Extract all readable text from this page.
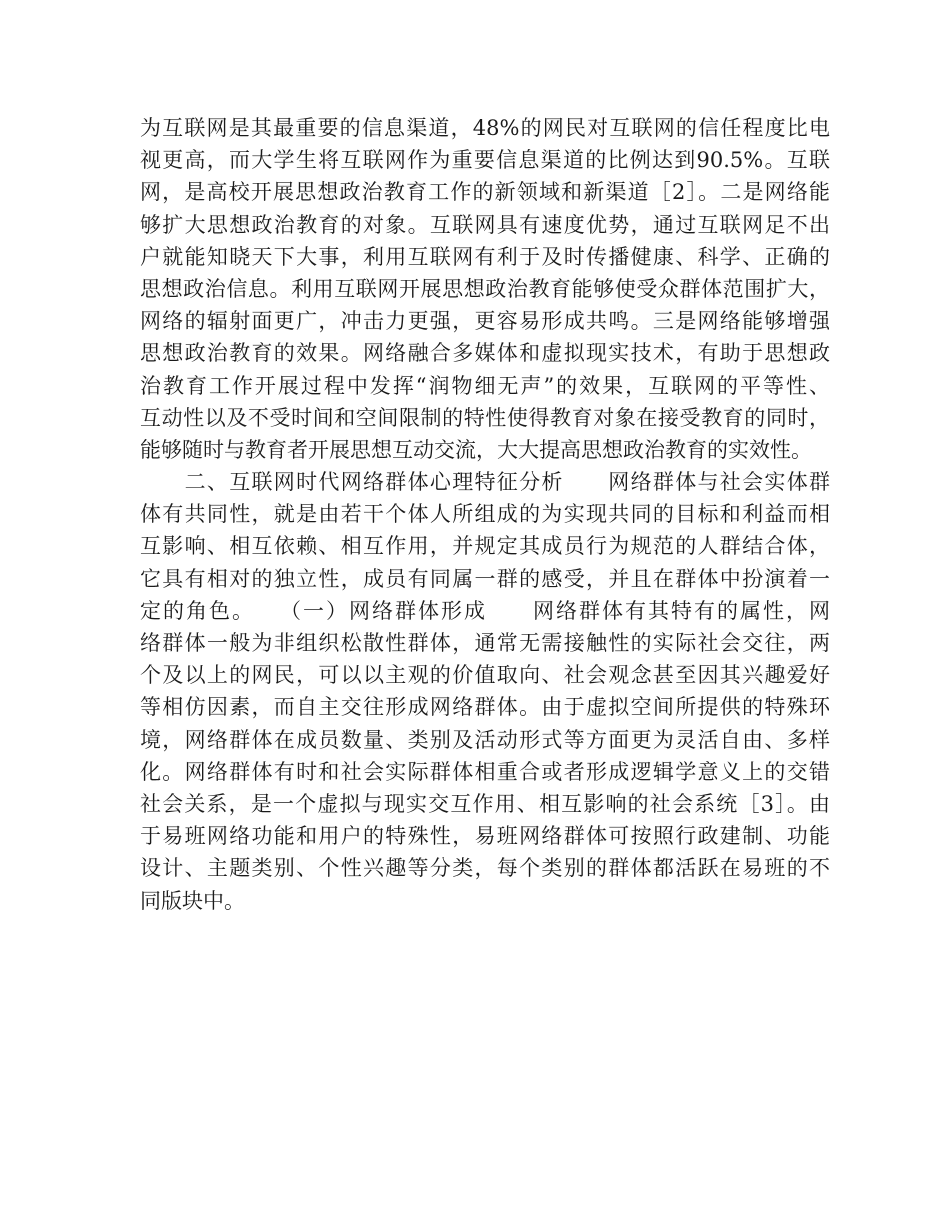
为互联网是其最重要的信息渠道，48%的网民对互联网的信任程度比电
视更高，而大学生将互联网作为重要信息渠道的比例达到90.5%。互联
网，是高校开展思想政治教育工作的新领域和新渠道［2］。二是网络能
够扩大思想政治教育的对象。互联网具有速度优势，通过互联网足不出
户就能知晓天下大事，利用互联网有利于及时传播健康、科学、正确的
思想政治信息。利用互联网开展思想政治教育能够使受众群体范围扩大，
网络的辐射面更广，冲击力更强，更容易形成共鸣。三是网络能够增强
思想政治教育的效果。网络融合多媒体和虚拟现实技术，有助于思想政
治教育工作开展过程中发挥“润物细无声”的效果，互联网的平等性、
互动性以及不受时间和空间限制的特性使得教育对象在接受教育的同时，
能够随时与教育者开展思想互动交流，大大提高思想政治教育的实效性。
　　二、互联网时代网络群体心理特征分析　　网络群体与社会实体群
体有共同性，就是由若干个体人所组成的为实现共同的目标和利益而相
互影响、相互依赖、相互作用，并规定其成员行为规范的人群结合体，
它具有相对的独立性，成员有同属一群的感受，并且在群体中扮演着一
定的角色。　　（一）网络群体形成　　网络群体有其特有的属性，网
络群体一般为非组织松散性群体，通常无需接触性的实际社会交往，两
个及以上的网民，可以以主观的价值取向、社会观念甚至因其兴趣爱好
等相仿因素，而自主交往形成网络群体。由于虚拟空间所提供的特殊环
境，网络群体在成员数量、类别及活动形式等方面更为灵活自由、多样
化。网络群体有时和社会实际群体相重合或者形成逻辑学意义上的交错
社会关系，是一个虚拟与现实交互作用、相互影响的社会系统［3］。由
于易班网络功能和用户的特殊性，易班网络群体可按照行政建制、功能
设计、主题类别、个性兴趣等分类，每个类别的群体都活跃在易班的不
同版块中。
